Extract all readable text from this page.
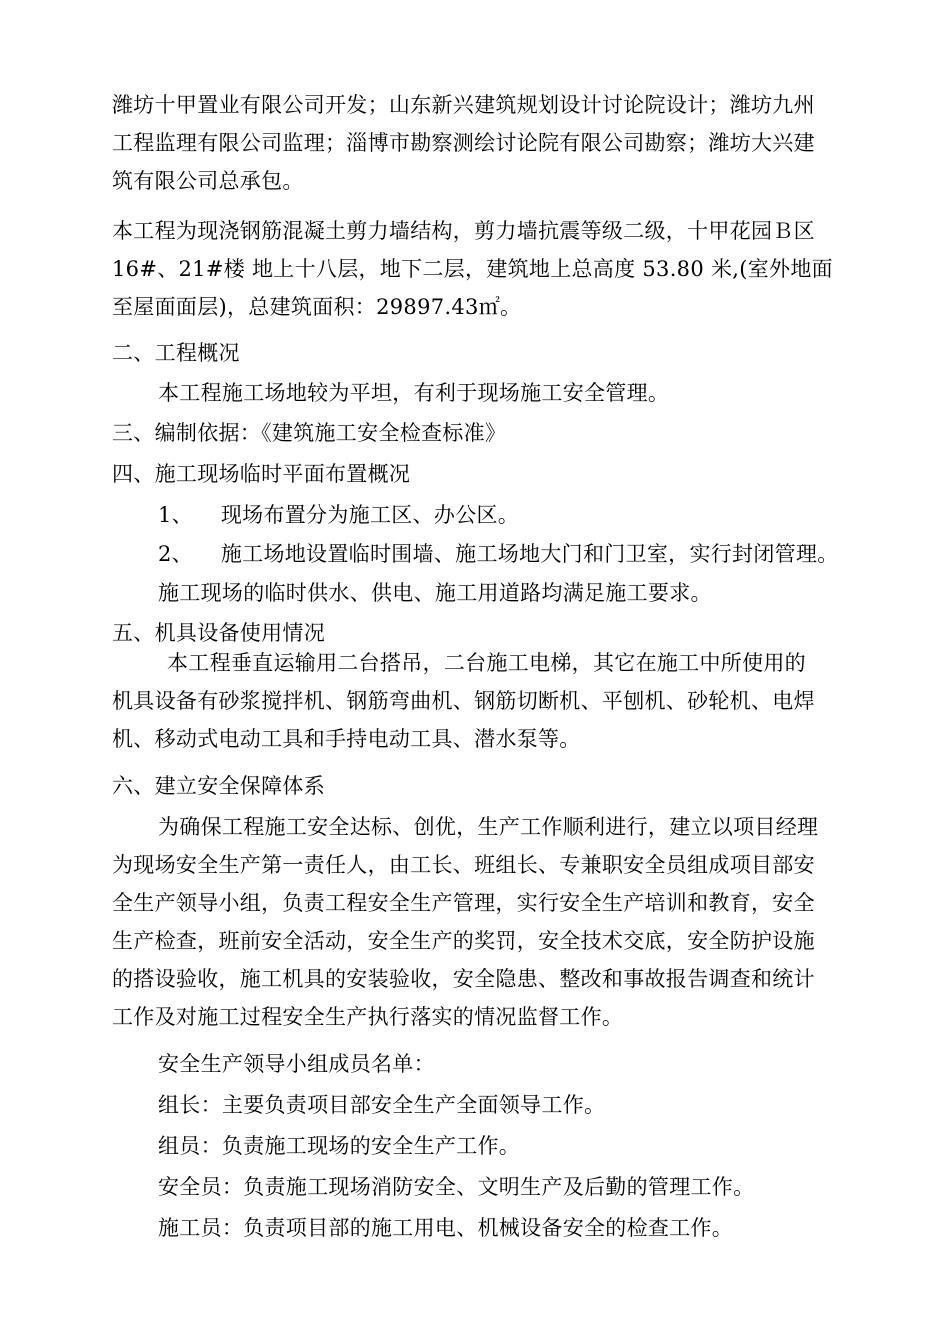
潍坊十甲置业有限公司开发；山东新兴建筑规划设计讨论院设计；潍坊九州
工程监理有限公司监理；淄博市勘察测绘讨论院有限公司勘察；潍坊大兴建
筑有限公司总承包。
本工程为现浇钢筋混凝土剪力墙结构，剪力墙抗震等级二级，十甲花园Ｂ区
16#、21#楼 地上十八层，地下二层，建筑地上总高度 53.80 米,(室外地面
至屋面面层)，总建筑面积：29897.43㎡。
二、工程概况
本工程施工场地较为平坦，有利于现场施工安全管理。
三、编制依据：《建筑施工安全检查标准》
四、施工现场临时平面布置概况
1、    现场布置分为施工区、办公区。
2、    施工场地设置临时围墙、施工场地大门和门卫室，实行封闭管理。
施工现场的临时供水、供电、施工用道路均满足施工要求。
五、机具设备使用情况
本工程垂直运输用二台搭吊，二台施工电梯，其它在施工中所使用的
机具设备有砂浆搅拌机、钢筋弯曲机、钢筋切断机、平刨机、砂轮机、电焊
机、移动式电动工具和手持电动工具、潜水泵等。
六、建立安全保障体系
为确保工程施工安全达标、创优，生产工作顺利进行，建立以项目经理
为现场安全生产第一责任人，由工长、班组长、专兼职安全员组成项目部安
全生产领导小组，负责工程安全生产管理，实行安全生产培训和教育，安全
生产检查，班前安全活动，安全生产的奖罚，安全技术交底，安全防护设施
的搭设验收，施工机具的安装验收，安全隐患、整改和事故报告调查和统计
工作及对施工过程安全生产执行落实的情况监督工作。
安全生产领导小组成员名单：
组长：主要负责项目部安全生产全面领导工作。
组员：负责施工现场的安全生产工作。
安全员：负责施工现场消防安全、文明生产及后勤的管理工作。
施工员：负责项目部的施工用电、机械设备安全的检查工作。
